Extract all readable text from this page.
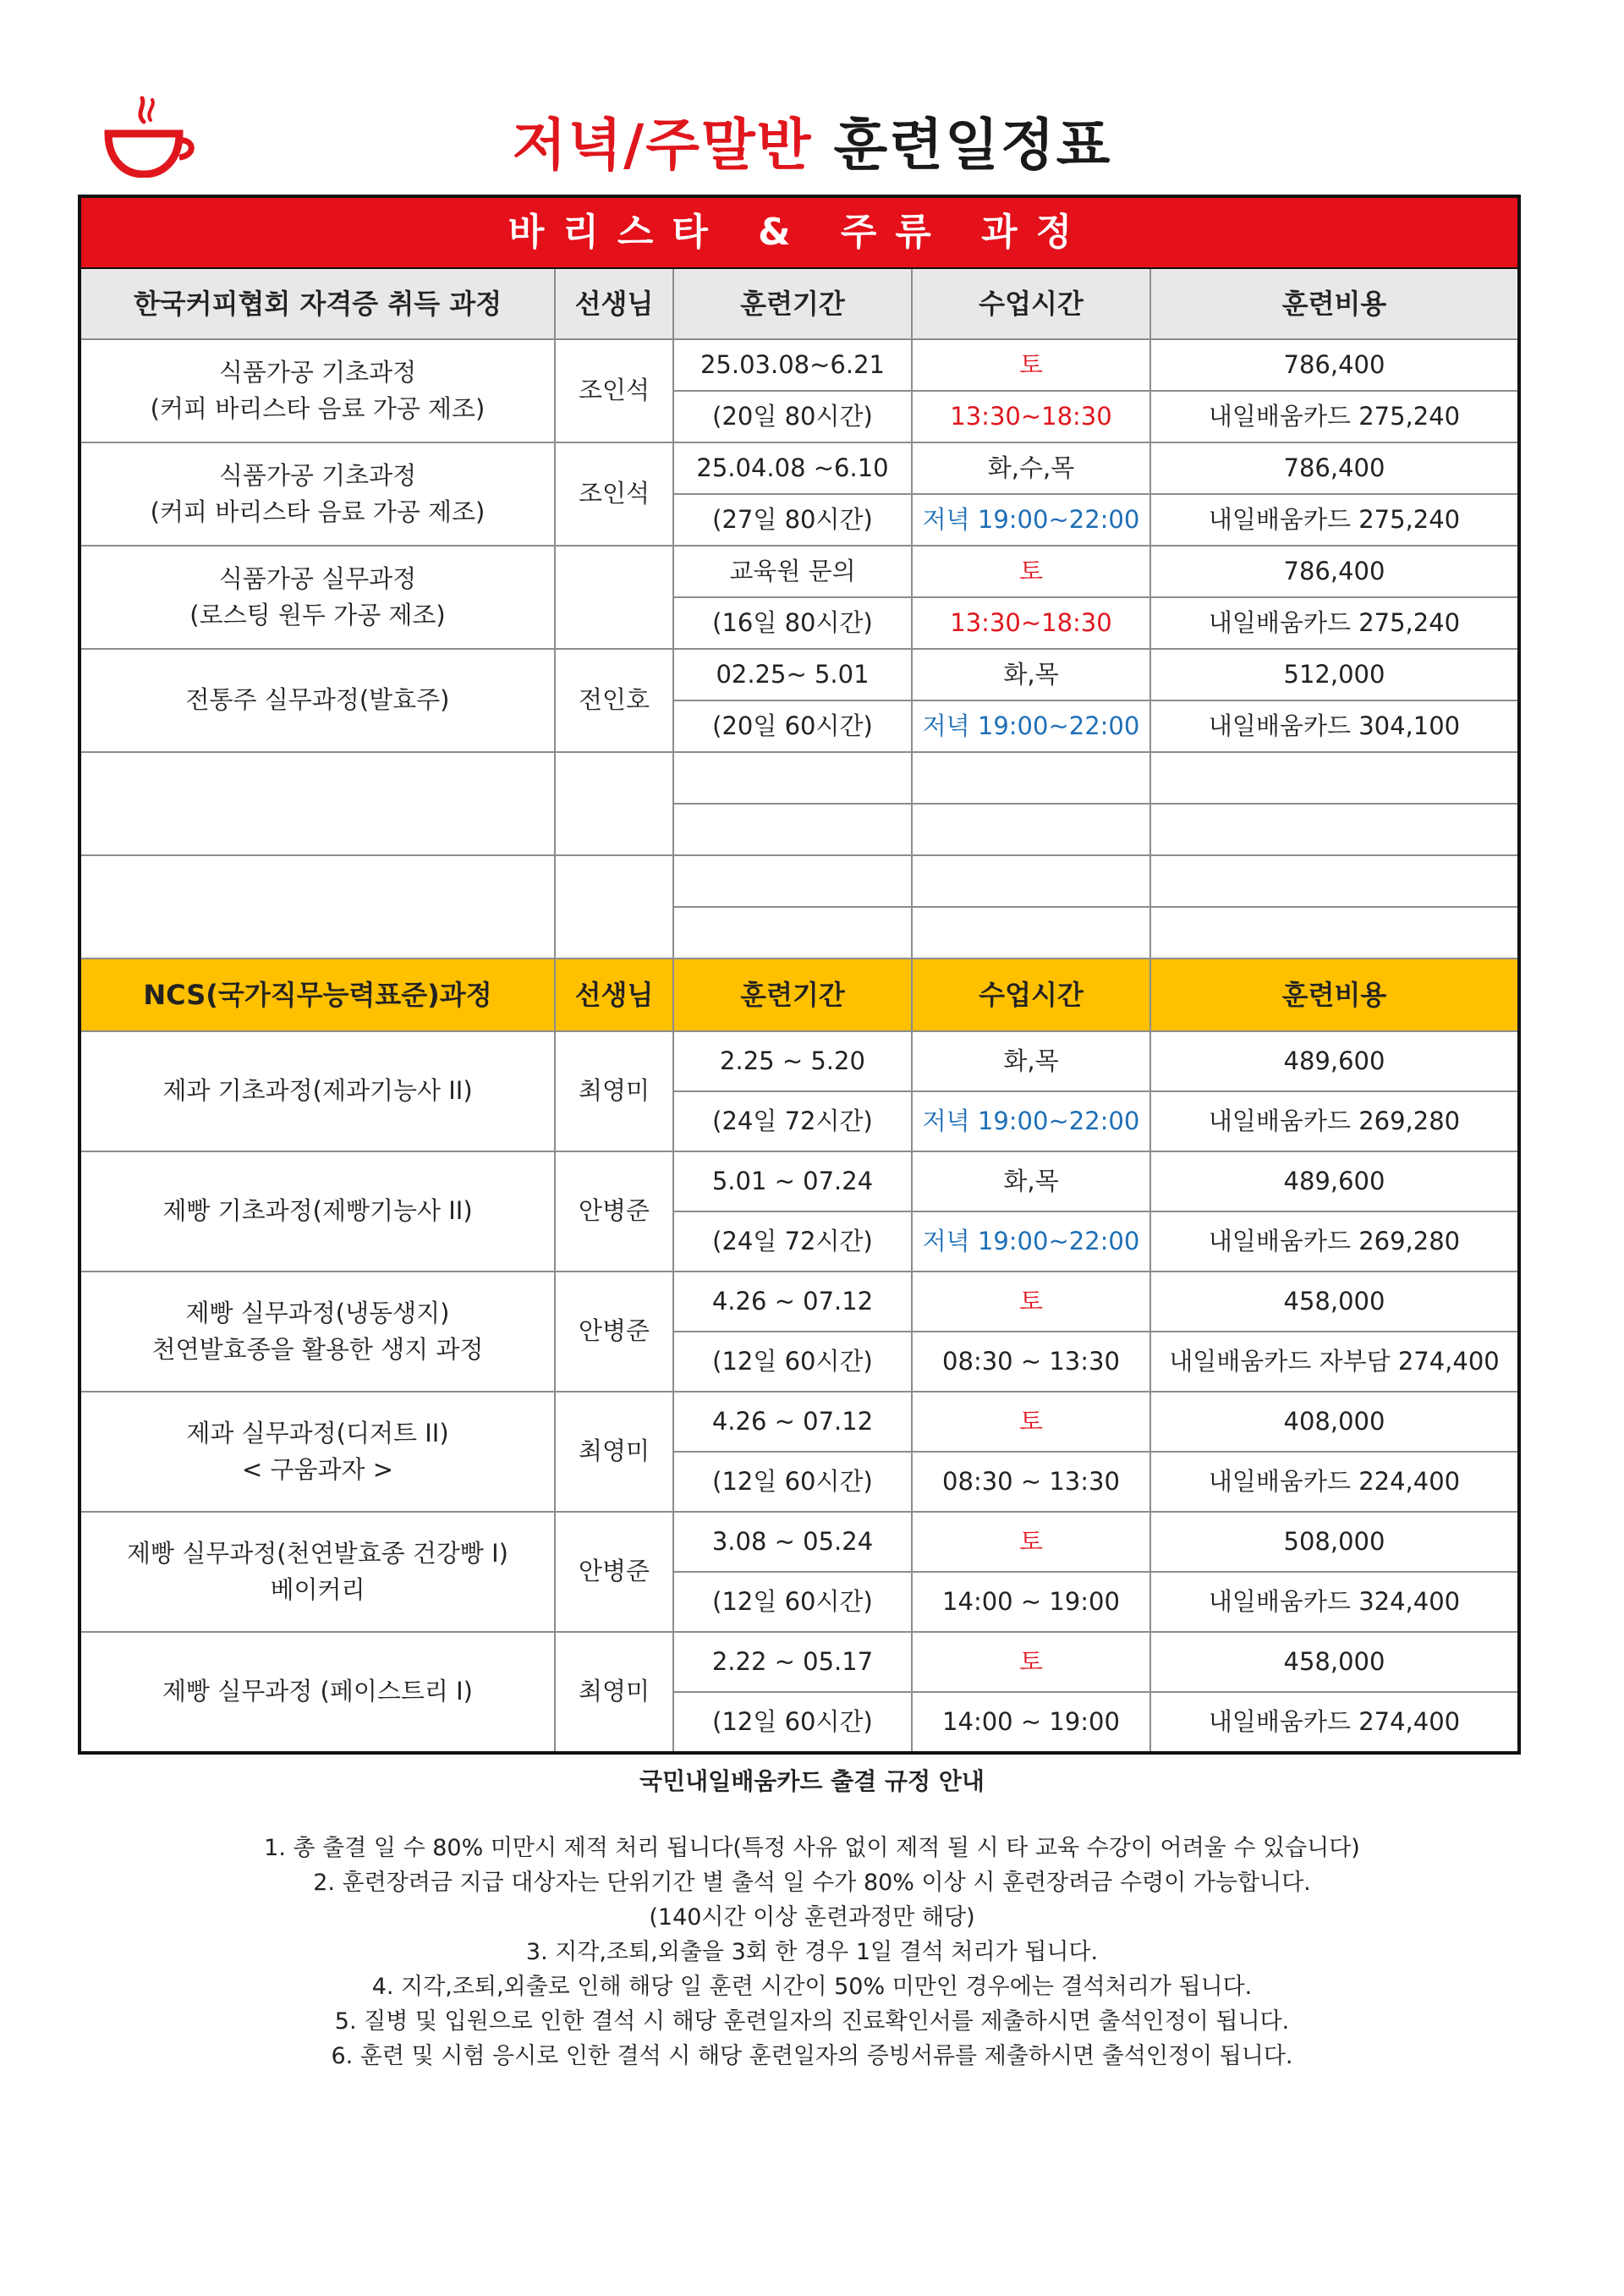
저녁/주말반 훈련일정표
바리스타 & 주류 과정				
한국커피협회 자격증 취득 과정	선생님	훈련기간	수업시간	훈련비용
식품가공 기초과정
(커피 바리스타 음료 가공 제조)	조인석	25.03.08~6.21	토	786,400
		(20일 80시간)	13:30~18:30	내일배움카드 275,240
식품가공 기초과정
(커피 바리스타 음료 가공 제조)	조인석	25.04.08 ~6.10	화,수,목	786,400
		(27일 80시간)	저녁 19:00~22:00	내일배움카드 275,240
식품가공 실무과정
(로스팅 원두 가공 제조)		교육원 문의	토	786,400
		(16일 80시간)	13:30~18:30	내일배움카드 275,240
전통주 실무과정(발효주)	전인호	02.25~ 5.01	화,목	512,000
		(20일 60시간)	저녁 19:00~22:00	내일배움카드 304,100

NCS(국가직무능력표준)과정	선생님	훈련기간	수업시간	훈련비용
제과 기초과정(제과기능사 II)	최영미	2.25 ~ 5.20	화,목	489,600
		(24일 72시간)	저녁 19:00~22:00	내일배움카드 269,280
제빵 기초과정(제빵기능사 II)	안병준	5.01 ~ 07.24	화,목	489,600
		(24일 72시간)	저녁 19:00~22:00	내일배움카드 269,280
제빵 실무과정(냉동생지)
천연발효종을 활용한 생지 과정	안병준	4.26 ~ 07.12	토	458,000
		(12일 60시간)	08:30 ~ 13:30	내일배움카드 자부담 274,400
제과 실무과정(디저트 II)
< 구움과자 >	최영미	4.26 ~ 07.12	토	408,000
		(12일 60시간)	08:30 ~ 13:30	내일배움카드 224,400
제빵 실무과정(천연발효종 건강빵 I)
베이커리	안병준	3.08 ~ 05.24	토	508,000
		(12일 60시간)	14:00 ~ 19:00	내일배움카드 324,400
제빵 실무과정 (페이스트리 I)	최영미	2.22 ~ 05.17	토	458,000
		(12일 60시간)	14:00 ~ 19:00	내일배움카드 274,400
국민내일배움카드 출결 규정 안내
1. 총 출결 일 수 80% 미만시 제적 처리 됩니다(특정 사유 없이 제적 될 시 타 교육 수강이 어려울 수 있습니다)
2. 훈련장려금 지급 대상자는 단위기간 별 출석 일 수가 80% 이상 시 훈련장려금 수령이 가능합니다.
(140시간 이상 훈련과정만 해당)
3. 지각,조퇴,외출을 3회 한 경우 1일 결석 처리가 됩니다.
4. 지각,조퇴,외출로 인해 해당 일 훈련 시간이 50% 미만인 경우에는 결석처리가 됩니다.
5. 질병 및 입원으로 인한 결석 시 해당 훈련일자의 진료확인서를 제출하시면 출석인정이 됩니다.
6. 훈련 및 시험 응시로 인한 결석 시 해당 훈련일자의 증빙서류를 제출하시면 출석인정이 됩니다.
